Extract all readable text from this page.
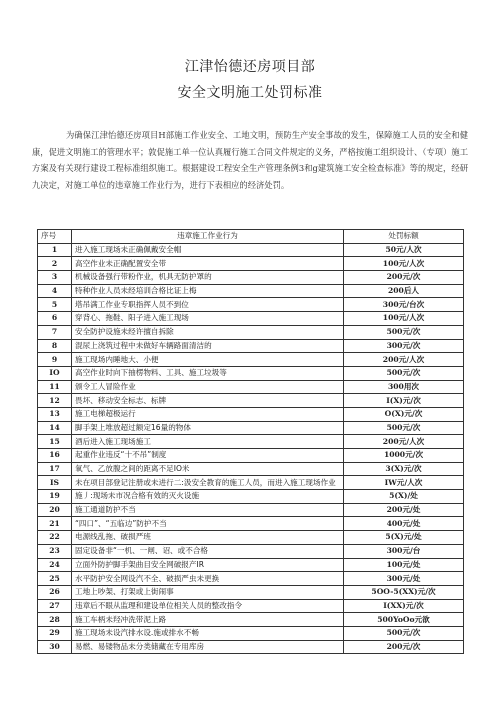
江津怡德还房项目部
安全文明施工处罚标准
为确保江津怡德还房项目H部施工作业安全、工地文明，预防生产安全事故的发生，保障施工人员的安全和健康，促进文明施工的管理水平；敦促施工单一位认真履行施工合同文件规定的义务，严格按施工组织设计、（专项）施工方案及有关现行建设工程标准组织施工。根据建设工程安全生产管理条例3和g建筑施工安全检查标准》等的规定，经研九决定，对施工单位的违章施工作业行为，进行下表相应的经济处罚。
序号	违章施工作业行为	处罚标额
1	进入施工现场未正确佩戴安全帽	50元/人次
2	高空作业未正确配置安全带	100元/人次
3	机械设备强行带粉作业，机具无防护罩的	200元/次
4	特种作业人员未经培训合格比证上梅	200后人
5	塔吊满工作业专职指挥人员不到位	300元/台次
6	穿背心、拖鞋、阳子进入施工现场	100元/人次
7	安全防护设施未经许擅自拆除	500元/次
8	混尿上浇筑过程中未做好车辆路面清洁的	300元/次
9	施工现场内睡地大、小便	200元/人次
IO	高空作业时向下抽楞物料、工具、施工垃圾等	500元/次
11	颁令工人冒险作业	300用次
12	畏坏、移动安全标志、标牌	I(X)元/次
13	施工电梯超极运行	O(X)元/次
14	脚手架上堆放超过额定16量的物体	500元/次
15	酒后进入施工现场施工	200元/人次
16	起重作业违反“十不吊”制度	1000元/次
17	氧气、乙放腹之间的距离不足IO米	3(X)元/次
IS	未在项目部登记注册或未进行二:汲安全教育的施工人员，而进入施工现场作业	IW元/人次
19	施丿:现场未市况合格有效的灭火设施	5(X)/处
20	施工通道防护不当	200元/处
21	“四口”、“五临边”防护不当	400元/处
22	电源线乱拖、破损严班	5(X)元/处
23	固定设备非“一机、一闸、诏、或不合格	300元/台
24	立面外防护脚手架曲目安全网破报产IR	100元/处
25	水平防护安全网设汽不全、破损严虫未更换	300元/处
26	工地上吵架、打架或上街闹事	5OO-5(XX)元/次
27	违章后不眼从监理和建设单位相关人员的整改指令	I(XX)元/次
28	施工车柄未羟冲洗带泥上路	500YoOo元欲
29	施工现场未设汽排水设.施或排水不畅	500元/次
30	易燃、易镂物品未分类储藏在专用库房	200元/次
